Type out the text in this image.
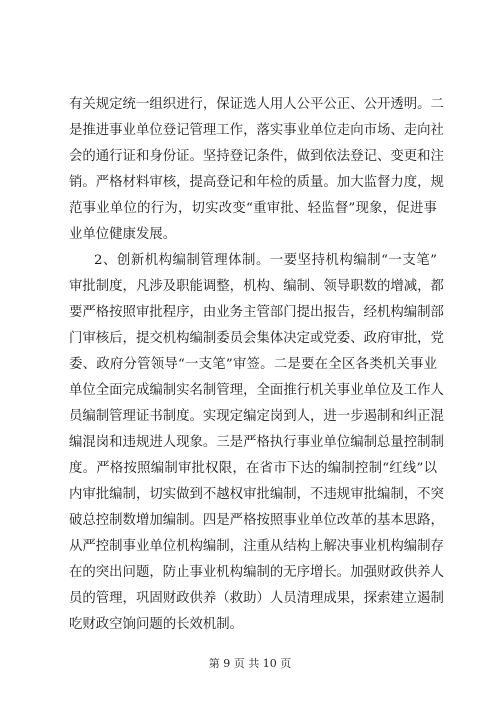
有关规定统一组织进行，保证选人用人公平公正、公开透明。二
是推进事业单位登记管理工作，落实事业单位走向市场、走向社
会的通行证和身份证。坚持登记条件，做到依法登记、变更和注
销。严格材料审核，提高登记和年检的质量。加大监督力度，规
范事业单位的行为，切实改变“重审批、轻监督”现象，促进事
业单位健康发展。
2、创新机构编制管理体制。一要坚持机构编制“一支笔”
审批制度，凡涉及职能调整，机构、编制、领导职数的增减，都
要严格按照审批程序，由业务主管部门提出报告，经机构编制部
门审核后，提交机构编制委员会集体决定或党委、政府审批，党
委、政府分管领导“一支笔”审签。二是要在全区各类机关事业
单位全面完成编制实名制管理，全面推行机关事业单位及工作人
员编制管理证书制度。实现定编定岗到人，进一步遏制和纠正混
编混岗和违规进人现象。三是严格执行事业单位编制总量控制制
度。严格按照编制审批权限，在省市下达的编制控制“红线”以
内审批编制，切实做到不越权审批编制，不违规审批编制，不突
破总控制数增加编制。四是严格按照事业单位改革的基本思路，
从严控制事业单位机构编制，注重从结构上解决事业机构编制存
在的突出问题，防止事业机构编制的无序增长。加强财政供养人
员的管理，巩固财政供养（救助）人员清理成果，探索建立遏制
吃财政空饷问题的长效机制。
第 9 页 共 10 页
